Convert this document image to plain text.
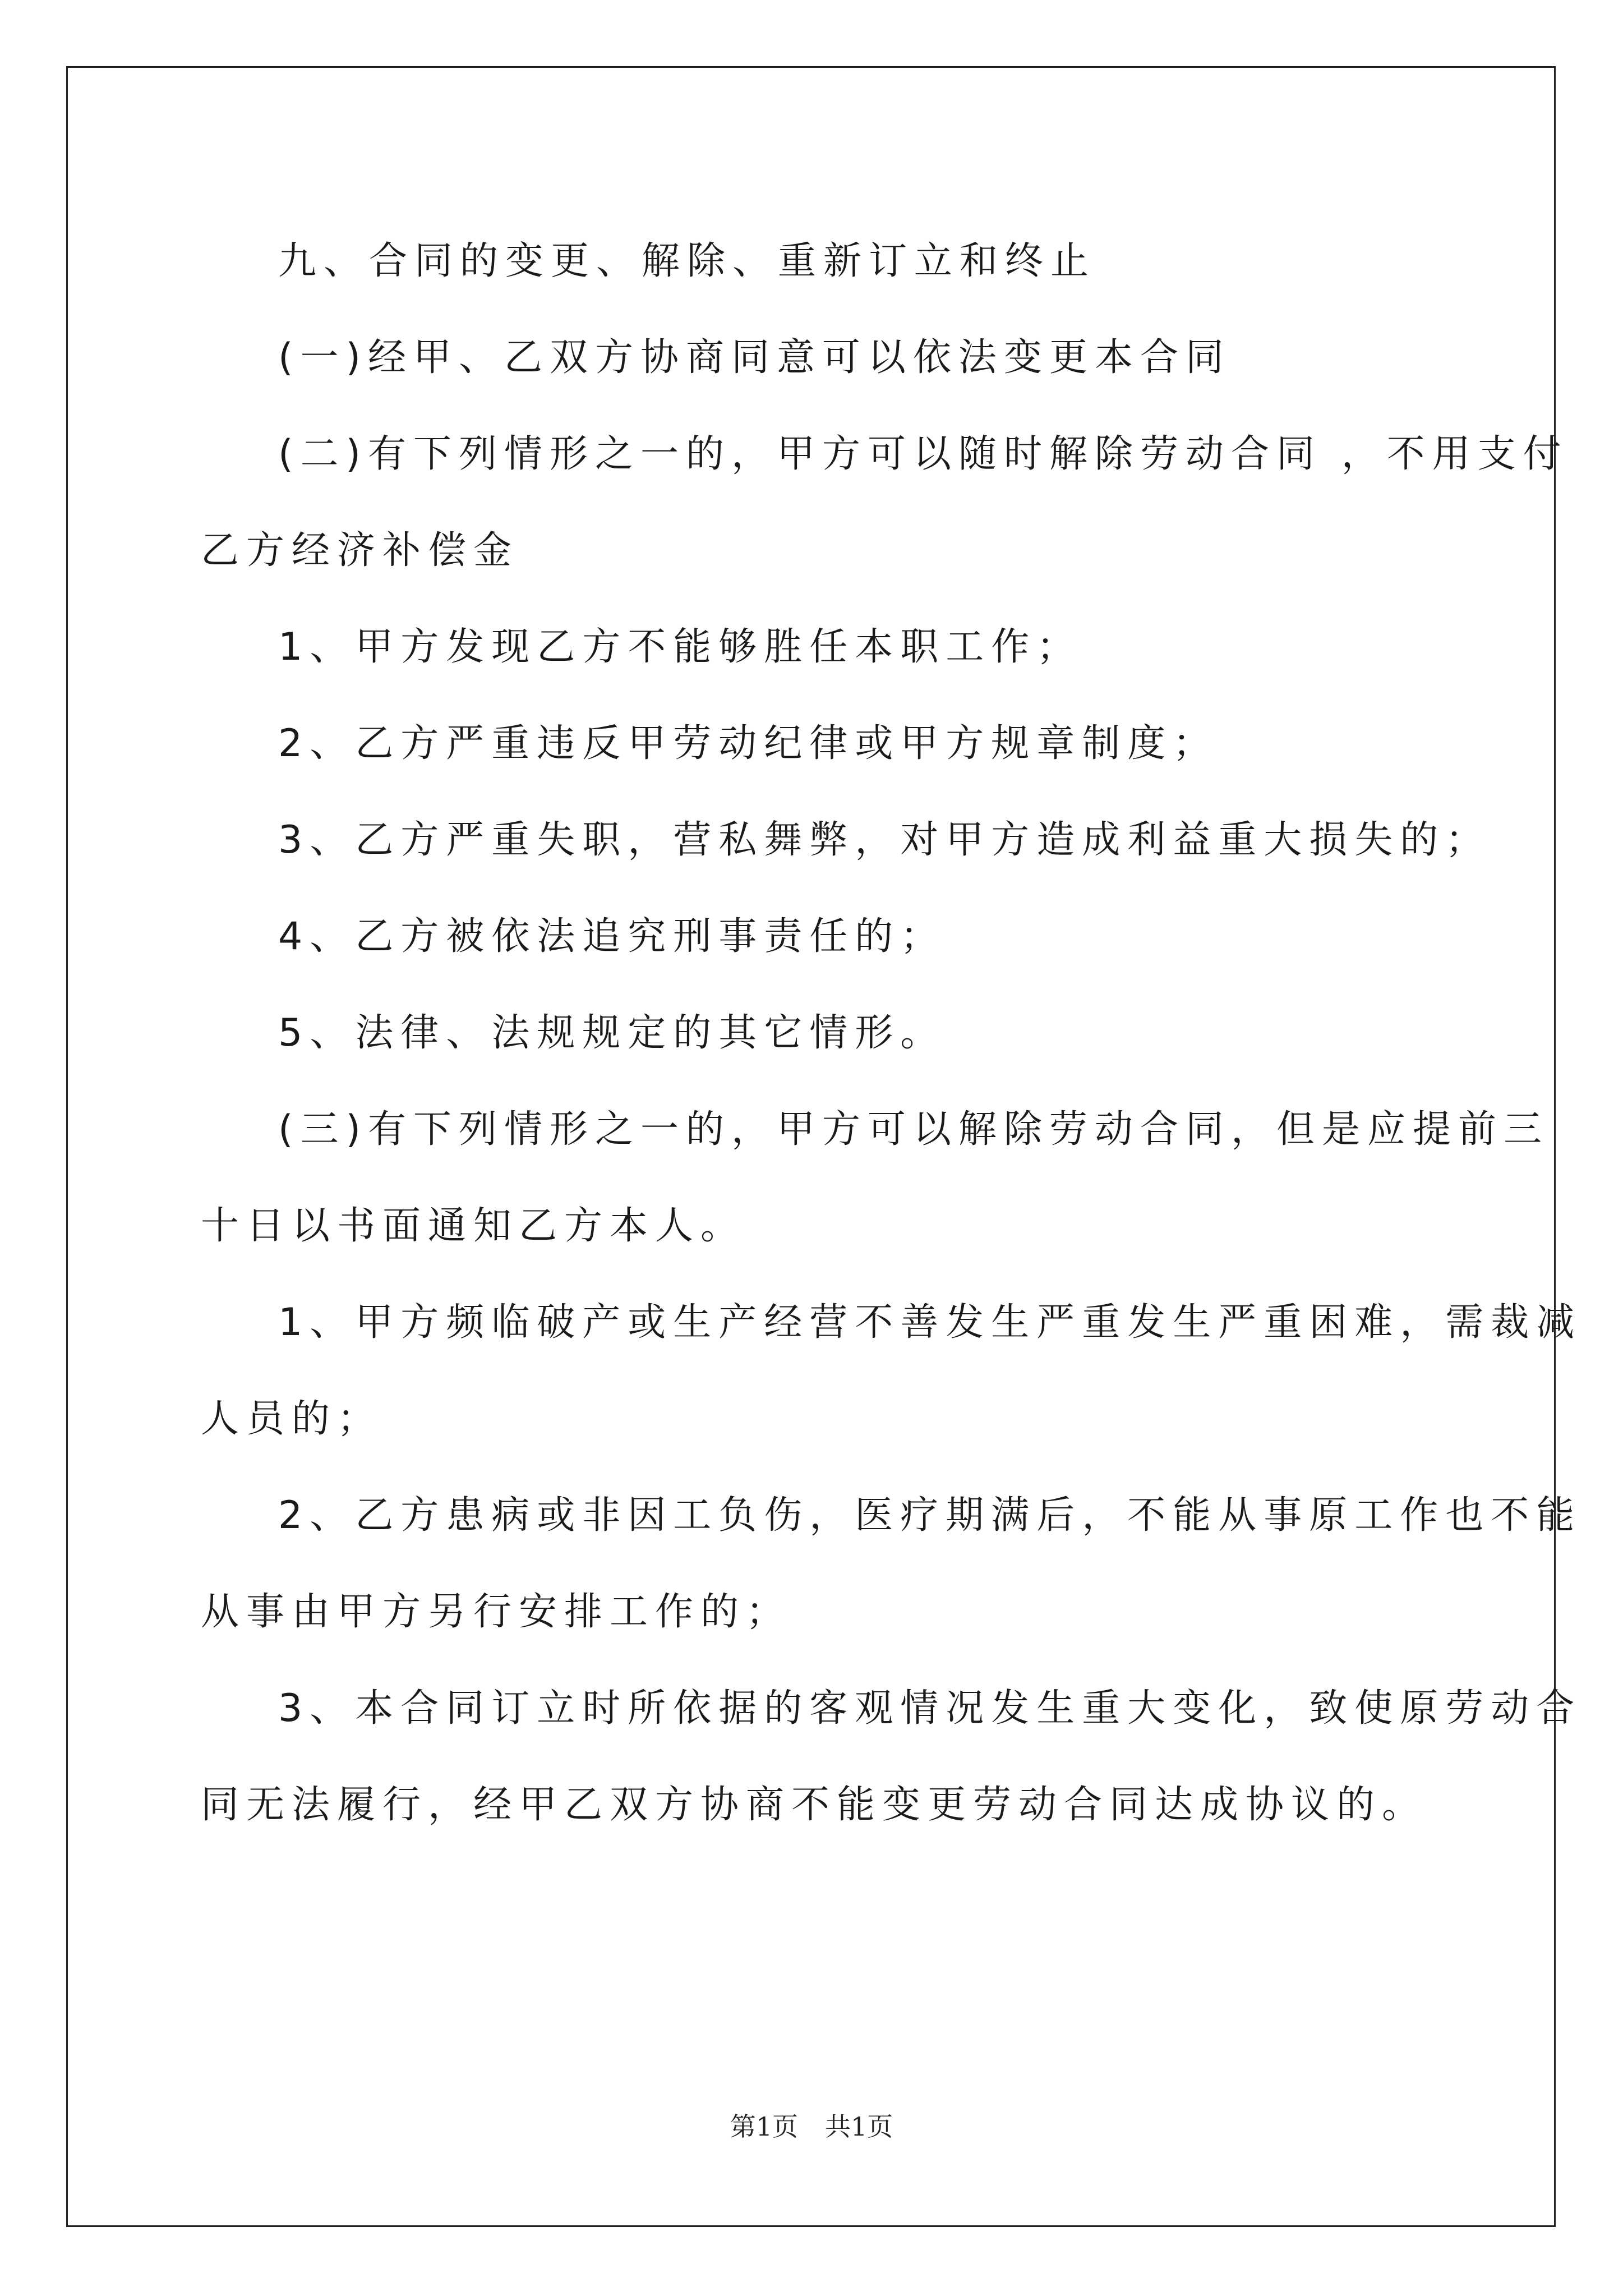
九、合同的变更、解除、重新订立和终止

(一)经甲、乙双方协商同意可以依法变更本合同

(二)有下列情形之一的，甲方可以随时解除劳动合同 ，不用支付

乙方经济补偿金

1、甲方发现乙方不能够胜任本职工作；

2、乙方严重违反甲劳动纪律或甲方规章制度；

3、乙方严重失职，营私舞弊，对甲方造成利益重大损失的；

4、乙方被依法追究刑事责任的；

5、法律、法规规定的其它情形。

(三)有下列情形之一的，甲方可以解除劳动合同，但是应提前三

十日以书面通知乙方本人。

1、甲方频临破产或生产经营不善发生严重发生严重困难，需裁减

人员的；

2、乙方患病或非因工负伤，医疗期满后，不能从事原工作也不能

从事由甲方另行安排工作的；

3、本合同订立时所依据的客观情况发生重大变化，致使原劳动合

同无法履行，经甲乙双方协商不能变更劳动合同达成协议的。

第1页 共1页
